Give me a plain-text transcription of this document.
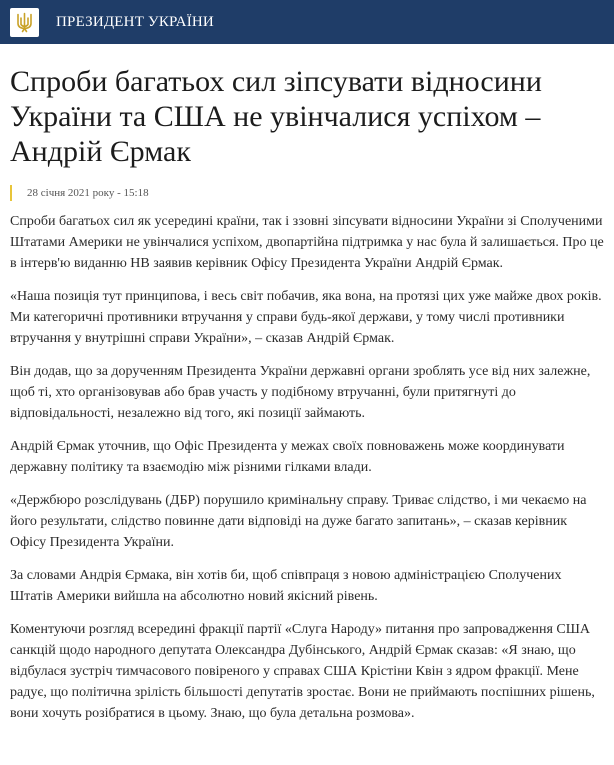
ПРЕЗИДЕНТ УКРАЇНИ
Спроби багатьох сил зіпсувати відносини України та США не увінчалися успіхом – Андрій Єрмак
28 січня 2021 року - 15:18

Спроби багатьох сил як усередині країни, так і ззовні зіпсувати відносини України зі Сполученими Штатами Америки не увінчалися успіхом, двопартійна підтримка у нас була й залишається. Про це в інтерв'ю виданню НВ заявив керівник Офісу Президента України Андрій Єрмак.

«Наша позиція тут принципова, і весь світ побачив, яка вона, на протязі цих уже майже двох років. Ми категоричні противники втручання у справи будь-якої держави, у тому числі противники втручання у внутрішні справи України», – сказав Андрій Єрмак.

Він додав, що за дорученням Президента України державні органи зроблять усе від них залежне, щоб ті, хто організовував або брав участь у подібному втручанні, були притягнуті до відповідальності, незалежно від того, які позиції займають.

Андрій Єрмак уточнив, що Офіс Президента у межах своїх повноважень може координувати державну політику та взаємодію між різними гілками влади.

«Держбюро розслідувань (ДБР) порушило кримінальну справу. Триває слідство, і ми чекаємо на його результати, слідство повинне дати відповіді на дуже багато запитань», – сказав керівник Офісу Президента України.

За словами Андрія Єрмака, він хотів би, щоб співпраця з новою адміністрацією Сполучених Штатів Америки вийшла на абсолютно новий якісний рівень.

Коментуючи розгляд всередині фракції партії «Слуга Народу» питання про запровадження США санкцій щодо народного депутата Олександра Дубінського, Андрій Єрмак сказав: «Я знаю, що відбулася зустріч тимчасового повіреного у справах США Крістіни Квін з ядром фракції. Мене радує, що політична зрілість більшості депутатів зростає. Вони не приймають поспішних рішень, вони хочуть розібратися в цьому. Знаю, що була детальна розмова».
